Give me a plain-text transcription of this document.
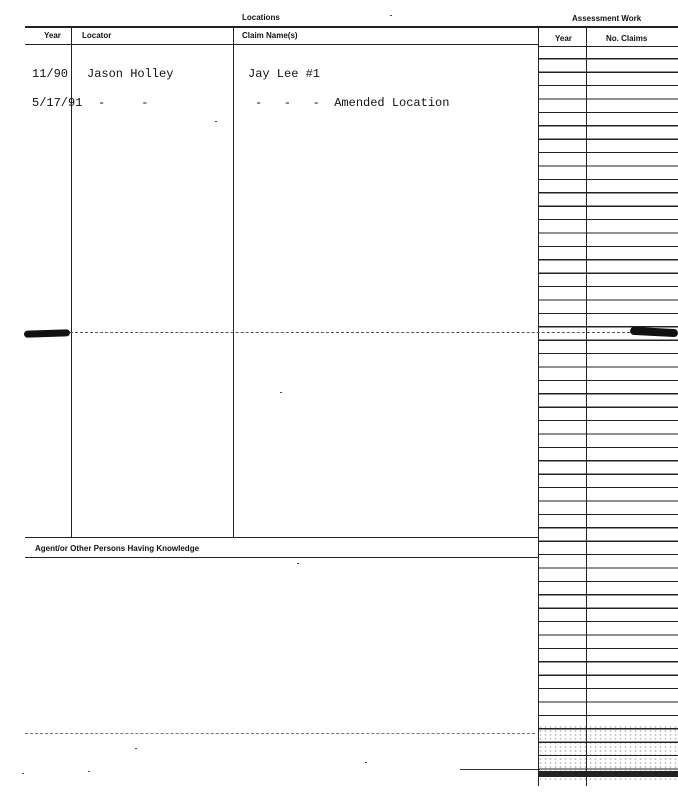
Locations	Assessment Work
Year	Locator	Claim Name(s)	Year	No. Claims
11/90 Jason Holley	Jay Lee #1
5/17/91 -     -	-   -   -  Amended Location
Agent/or Other Persons Having Knowledge
